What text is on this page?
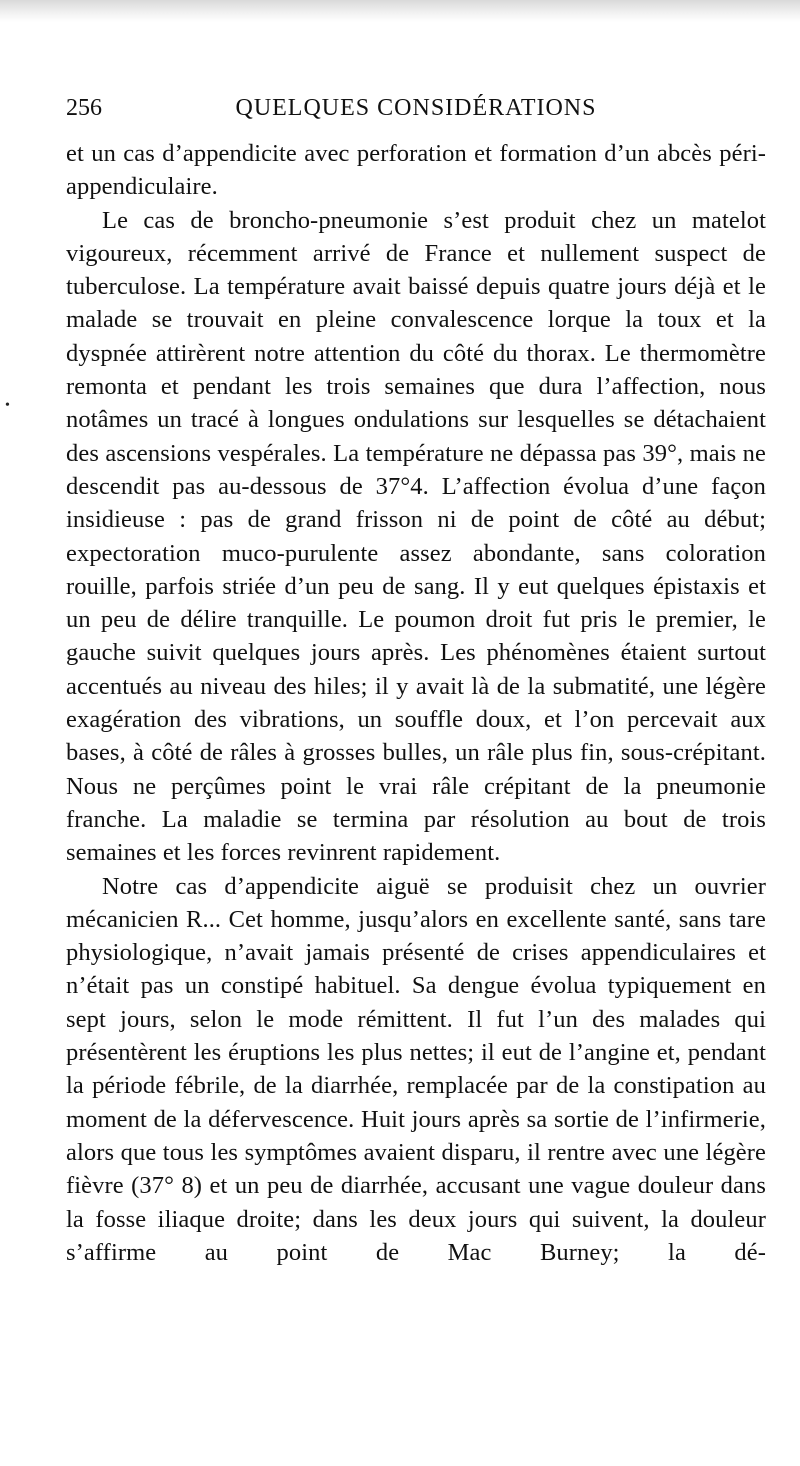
256	QUELQUES CONSIDÉRATIONS
•

et un cas d’appendicite avec perforation et formation d’un abcès péri-appendiculaire.

Le cas de broncho-pneumonie s’est produit chez un matelot vigoureux, récemment arrivé de France et nullement suspect de tuberculose. La température avait baissé depuis quatre jours déjà et le malade se trouvait en pleine convalescence lorque la toux et la dyspnée attirèrent notre attention du côté du thorax. Le thermomètre remonta et pendant les trois semaines que dura l’affection, nous notâmes un tracé à longues ondulations sur lesquelles se détachaient des ascensions vespérales. La température ne dépassa pas 39°, mais ne descendit pas au-dessous de 37°4. L’affection évolua d’une façon insidieuse : pas de grand frisson ni de point de côté au début; expectoration muco-purulente assez abondante, sans coloration rouille, parfois striée d’un peu de sang. Il y eut quelques épistaxis et un peu de délire tranquille. Le poumon droit fut pris le premier, le gauche suivit quelques jours après. Les phénomènes étaient surtout accentués au niveau des hiles; il y avait là de la submatité, une légère exagération des vibrations, un souffle doux, et l’on percevait aux bases, à côté de râles à grosses bulles, un râle plus fin, sous-crépitant. Nous ne perçûmes point le vrai râle crépitant de la pneumonie franche. La maladie se termina par résolution au bout de trois semaines et les forces revinrent rapidement.

Notre cas d’appendicite aiguë se produisit chez un ouvrier mécanicien R... Cet homme, jusqu’alors en excellente santé, sans tare physiologique, n’avait jamais présenté de crises appendiculaires et n’était pas un constipé habituel. Sa dengue évolua typiquement en sept jours, selon le mode rémittent. Il fut l’un des malades qui présentèrent les éruptions les plus nettes; il eut de l’angine et, pendant la période fébrile, de la diarrhée, remplacée par de la constipation au moment de la défervescence. Huit jours après sa sortie de l’infirmerie, alors que tous les symptômes avaient disparu, il rentre avec une légère fièvre (37° 8) et un peu de diarrhée, accusant une vague douleur dans la fosse iliaque droite; dans les deux jours qui suivent, la douleur s’affirme au point de Mac Burney; la dé-
